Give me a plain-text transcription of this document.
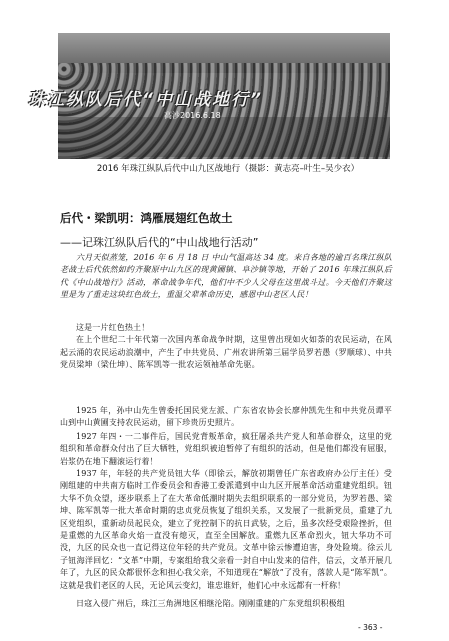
珠江纵队后代“中山战地行”
高沙2016.6.18
2016 年珠江纵队后代中山九区战地行（摄影：黄志亮–叶生–吴少衣）
后代・梁凯明：鸿雁展翅红色故土
——记珠江纵队后代的“中山战地行活动”

六月天似蒸笼，2016 年 6 月 18 日 中山气温高达 34 度。来自各地的逾百名珠江纵队老战士后代依然如约齐聚原中山九区的现黄圃镇、阜沙镇等地，开始了 2016 年珠江纵队后代《中山战地行》活动，革命战争年代，他们中不少人父母在这里战斗过。今天他们齐聚这里是为了重走这块红色故土，重温父辈革命历史，感恩中山老区人民！

这是一片红色热土！

在上个世纪二十年代第一次国内革命战争时期，这里曾出现如火如荼的农民运动，在风起云涌的农民运动浪潮中，产生了中共党员、广州农讲所第三届学员罗若愚（罗顺球）、中共党员梁坤（梁仕坤）、陈军凯等一批农运领袖革命先驱。

1925 年，孙中山先生曾委托国民党左派、广东省农协会长廖仲凯先生和中共党员谭平山到中山黄圃支持农民运动，留下珍贵历史照片。

1927 年四・一二事件后，国民党背叛革命，疯狂屠杀共产党人和革命群众，这里的党组织和革命群众付出了巨大牺牲，党组织被迫暂停了有组织的活动，但是他们都没有屈服，岩浆仍在地下翻滚运行着！

1937 年，年轻的共产党员钮大华（即徐云，解放初期曾任广东省政府办公厅主任）受刚组建的中共南方临时工作委员会和香港工委派遣到中山九区开展革命活动重建党组织。钮大华不负众望，逐步联系上了在大革命低潮时期失去组织联系的一部分党员，为罗若愚、梁坤、陈军凯等一批大革命时期的忠贞党员恢复了组织关系，又发展了一批新党员，重建了九区党组织，重新动员起民众，建立了党控制下的抗日武装，之后，虽多次经受艰险挫折，但是重燃的九区革命火焰一直没有熄灭，直至全国解放。重燃九区革命烈火，钮大华功不可没，九区的民众也一直记得这位年轻的共产党员。文革中徐云惨遭迫害，身处险境。徐云儿子钮海洋回忆：“文革”中期，专案组给我父亲看一封自中山发来的信件，信云，文革开展几年了，九区的民众都很怀念和担心我父亲，不知道现在“解放”了没有，落款人是“陈军凯”。这就是我们老区的人民，无论风云变幻，谁忠谁奸，他们心中永远都有一杆称！

日寇入侵广州后，珠江三角洲地区相继沦陷。刚刚重建的广东党组织积极组

- 363 -
